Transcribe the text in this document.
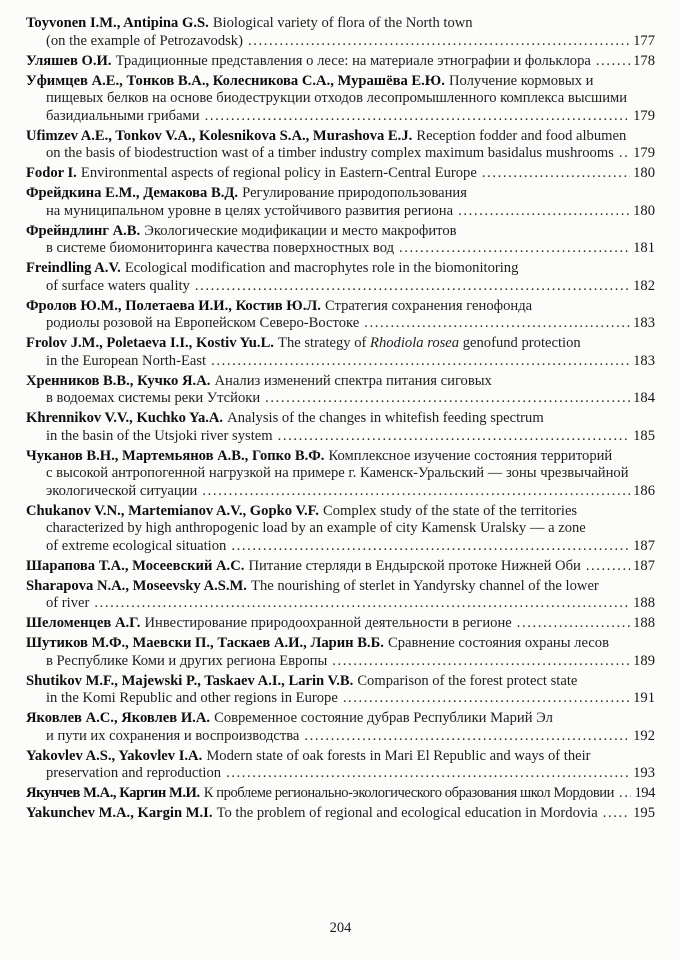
Toyvonen I.M., Antipina G.S. Biological variety of flora of the North town
(on the example of Petrozavodsk) .....	177
Уляшев О.И. Традиционные представления о лесе: на материале этнографии и фольклора .....	178
Уфимцев А.Е., Тонков В.А., Колесникова С.А., Мурашёва Е.Ю. Получение кормовых и
пищевых белков на основе биодеструкции отходов лесопромышленного комплекса высшими
базидиальными грибами .....	179
Ufimzev A.E., Tonkov V.A., Kolesnikova S.A., Murashova E.J. Reception fodder and food albumen
on the basis of biodestruction wast of a timber industry complex maximum basidalus mushrooms ..... 179
Fodor I. Environmental aspects of regional policy in Eastern-Central Europe .....	180
Фрейдкина Е.М., Демакова В.Д. Регулирование природопользования
на муниципальном уровне в целях устойчивого развития региона .....	180
Фрейндлинг А.В. Экологические модификации и место макрофитов
в системе биомониторинга качества поверхностных вод .....	181
Freindling A.V. Ecological modification and macrophytes role in the biomonitoring
of surface waters quality .....	182
Фролов Ю.М., Полетаева И.И., Костив Ю.Л. Стратегия сохранения генофонда
родиолы розовой на Европейском Северо-Востоке .....	183
Frolov J.M., Poletaeva I.I., Kostiv Yu.L. The strategy of Rhodiola rosea genofund protection
in the European North-East .....	183
Хренников В.В., Кучко Я.А. Анализ изменений спектра питания сиговых
в водоемах системы реки Утсйоки .....	184
Khrennikov V.V., Kuchko Ya.A. Analysis of the changes in whitefish feeding spectrum
in the basin of the Utsjoki river system .....	185
Чуканов В.Н., Мартемьянов А.В., Гопко В.Ф. Комплексное изучение состояния территорий
с высокой антропогенной нагрузкой на примере г. Каменск-Уральский — зоны чрезвычайной
экологической ситуации .....	186
Chukanov V.N., Martemianov A.V., Gopko V.F. Complex study of the state of the territories
characterized by high anthropogenic load by an example of city Kamensk Uralsky — a zone
of extreme ecological situation .....	187
Шарапова Т.А., Мосеевский А.С. Питание стерляди в Ендырской протоке Нижней Оби .....	187
Sharapova N.A., Moseevsky A.S.M. The nourishing of sterlet in Yandyrsky channel of the lower
of river .....	188
Шеломенцев А.Г. Инвестирование природоохранной деятельности в регионе .....	188
Шутиков М.Ф., Маевски П., Таскаев А.И., Ларин В.Б. Сравнение состояния охраны лесов
в Республике Коми и других региона Европы .....	189
Shutikov M.F., Majewski P., Taskaev A.I., Larin V.B. Comparison of the forest protect state
in the Komi Republic and other regions in Europe .....	191
Яковлев А.С., Яковлев И.А. Современное состояние дубрав Республики Марий Эл
и пути их сохранения и воспроизводства .....	192
Yakovlev A.S., Yakovlev I.A. Modern state of oak forests in Mari El Republic and ways of their
preservation and reproduction .....	193
Якунчев М.А., Каргин М.И. К проблеме регионально-экологического образования школ Мордовии ..... 194
Yakunchev M.A., Kargin M.I. To the problem of regional and ecological education in Mordovia ..... 195
204
